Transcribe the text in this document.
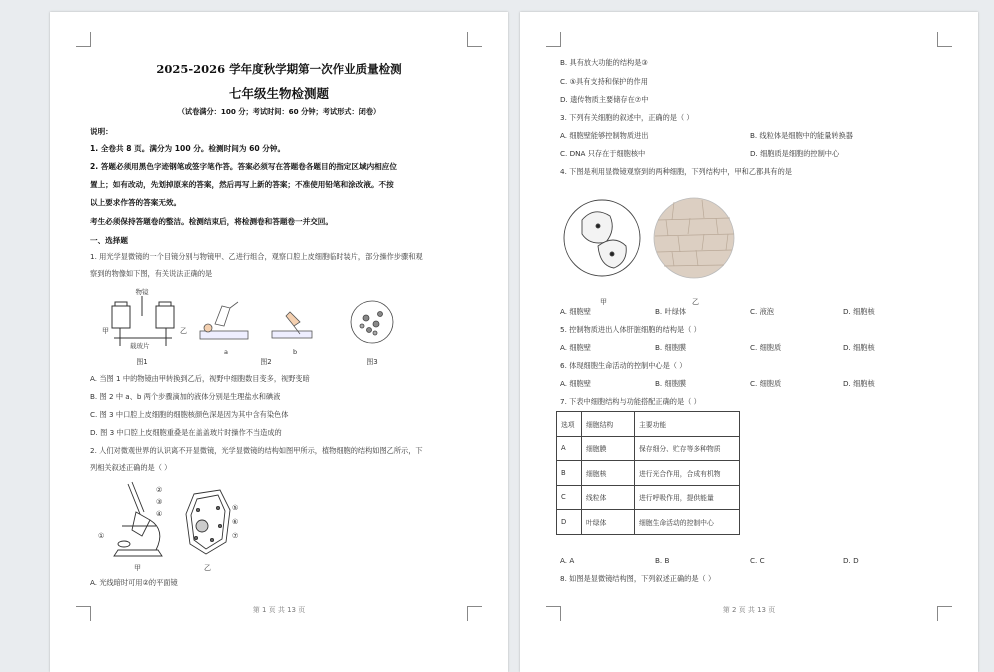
2025-2026 学年度秋学期第一次作业质量检测
七年级生物检测题
（试卷满分：100 分；考试时间：60 分钟；考试形式：闭卷）
说明：
1. 全卷共 8 页。满分为 100 分。检测时间为 60 分钟。
2. 答题必须用黑色字迹钢笔或签字笔作答。答案必须写在答题卷各题目的指定区域内相应位
置上；如有改动，先划掉原来的答案，然后再写上新的答案；不准使用铅笔和涂改液。不按
以上要求作答的答案无效。
考生必须保持答题卷的整洁。检测结束后，将检测卷和答题卷一并交回。
一、选择题
1. 用光学显微镜的一个目镜分别与物镜甲、乙进行组合，观察口腔上皮细胞临时装片，部分操作步骤和观
察到的物像如下图，有关说法正确的是
物镜
甲	乙
载玻片
a	b
图1	图2	图3
A. 当图 1 中的物镜由甲转换到乙后，视野中细胞数目变多，视野变暗
B. 图 2 中 a、b 两个步骤滴加的液体分别是生理盐水和碘液
C. 图 3 中口腔上皮细胞的细胞核颜色深是因为其中含有染色体
D. 图 3 中口腔上皮细胞重叠是在盖盖玻片时操作不当造成的
2. 人们对微观世界的认识离不开显微镜，光学显微镜的结构如图甲所示，植物细胞的结构如图乙所示，下
列相关叙述正确的是（ ）
②
③
④
①
⑤
⑥
⑦
甲	乙
A. 光线暗时可用②的平面镜
第 1 页 共 13 页
B. 具有放大功能的结构是③
C. ⑤具有支持和保护的作用
D. 遗传物质主要储存在⑦中
3. 下列有关细胞的叙述中，正确的是（ ）
A. 细胞壁能够控制物质进出	B. 线粒体是细胞中的能量转换器
C. DNA 只存在于细胞核中	D. 细胞质是细胞的控制中心
4. 下图是利用显微镜观察到的两种细胞，下列结构中，甲和乙都具有的是
甲	乙
A. 细胞壁	B. 叶绿体	C. 液泡	D. 细胞核
5. 控制物质进出人体肝脏细胞的结构是（ ）
A. 细胞壁	B. 细胞膜	C. 细胞质	D. 细胞核
6. 体现细胞生命活动的控制中心是（ ）
A. 细胞壁	B. 细胞膜	C. 细胞质	D. 细胞核
7. 下表中细胞结构与功能搭配正确的是（ ）
选项	细胞结构	主要功能
A	细胞膜	保存细分、贮存等多种物质
B	细胞核	进行光合作用，合成有机物
C	线粒体	进行呼吸作用，提供能量
D	叶绿体	细胞生命活动的控制中心
A. A	B. B	C. C	D. D
8. 如图是显微镜结构图，下列叙述正确的是（ ）
第 2 页 共 13 页
